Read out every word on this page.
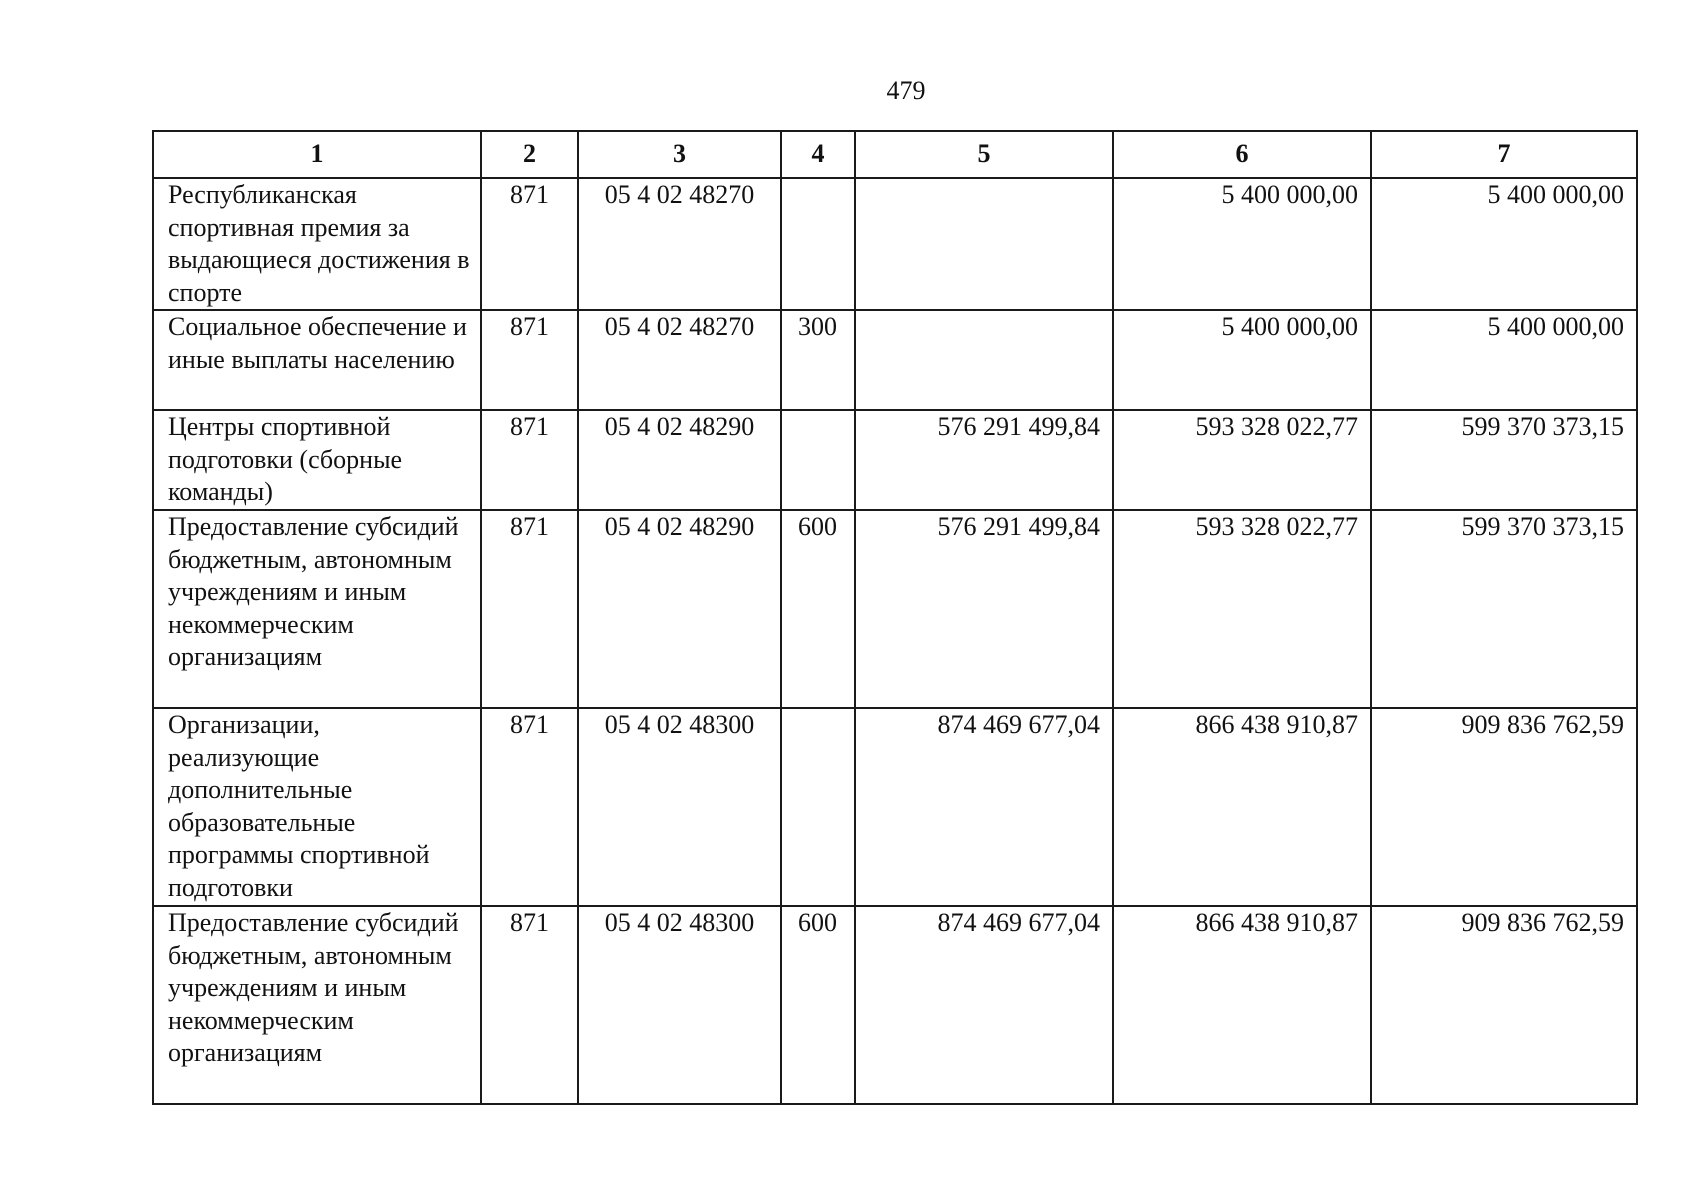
479
1	2	3	4	5	6	7
Республиканская спортивная премия за выдающиеся достижения в спорте	871	05 4 02 48270			5 400 000,00	5 400 000,00
Социальное обеспечение и иные выплаты населению	871	05 4 02 48270	300		5 400 000,00	5 400 000,00
Центры спортивной подготовки (сборные команды)	871	05 4 02 48290		576 291 499,84	593 328 022,77	599 370 373,15
Предоставление субсидий бюджетным, автономным учреждениям и иным некоммерческим организациям	871	05 4 02 48290	600	576 291 499,84	593 328 022,77	599 370 373,15
Организации, реализующие дополнительные образовательные программы спортивной подготовки	871	05 4 02 48300		874 469 677,04	866 438 910,87	909 836 762,59
Предоставление субсидий бюджетным, автономным учреждениям и иным некоммерческим организациям	871	05 4 02 48300	600	874 469 677,04	866 438 910,87	909 836 762,59
